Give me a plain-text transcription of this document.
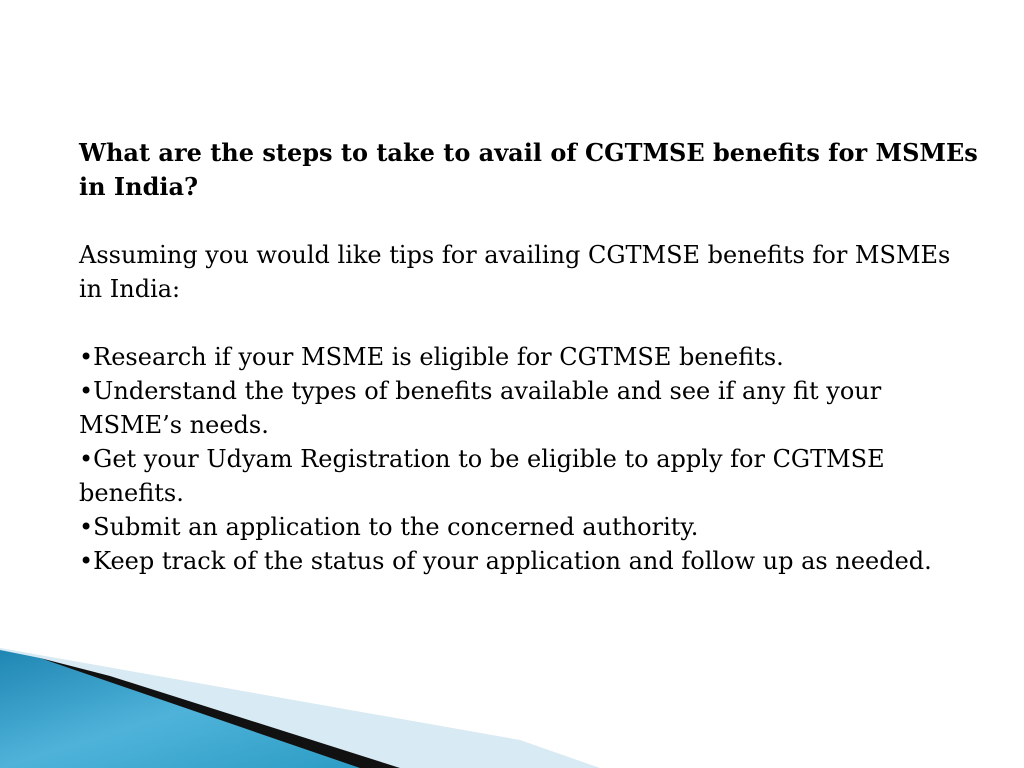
What are the steps to take to avail of CGTMSE benefits for MSMEs in India?

Assuming you would like tips for availing CGTMSE benefits for MSMEs in India:

•Research if your MSME is eligible for CGTMSE benefits.
•Understand the types of benefits available and see if any fit your MSME’s needs.
•Get your Udyam Registration to be eligible to apply for CGTMSE benefits.
•Submit an application to the concerned authority.
•Keep track of the status of your application and follow up as needed.
